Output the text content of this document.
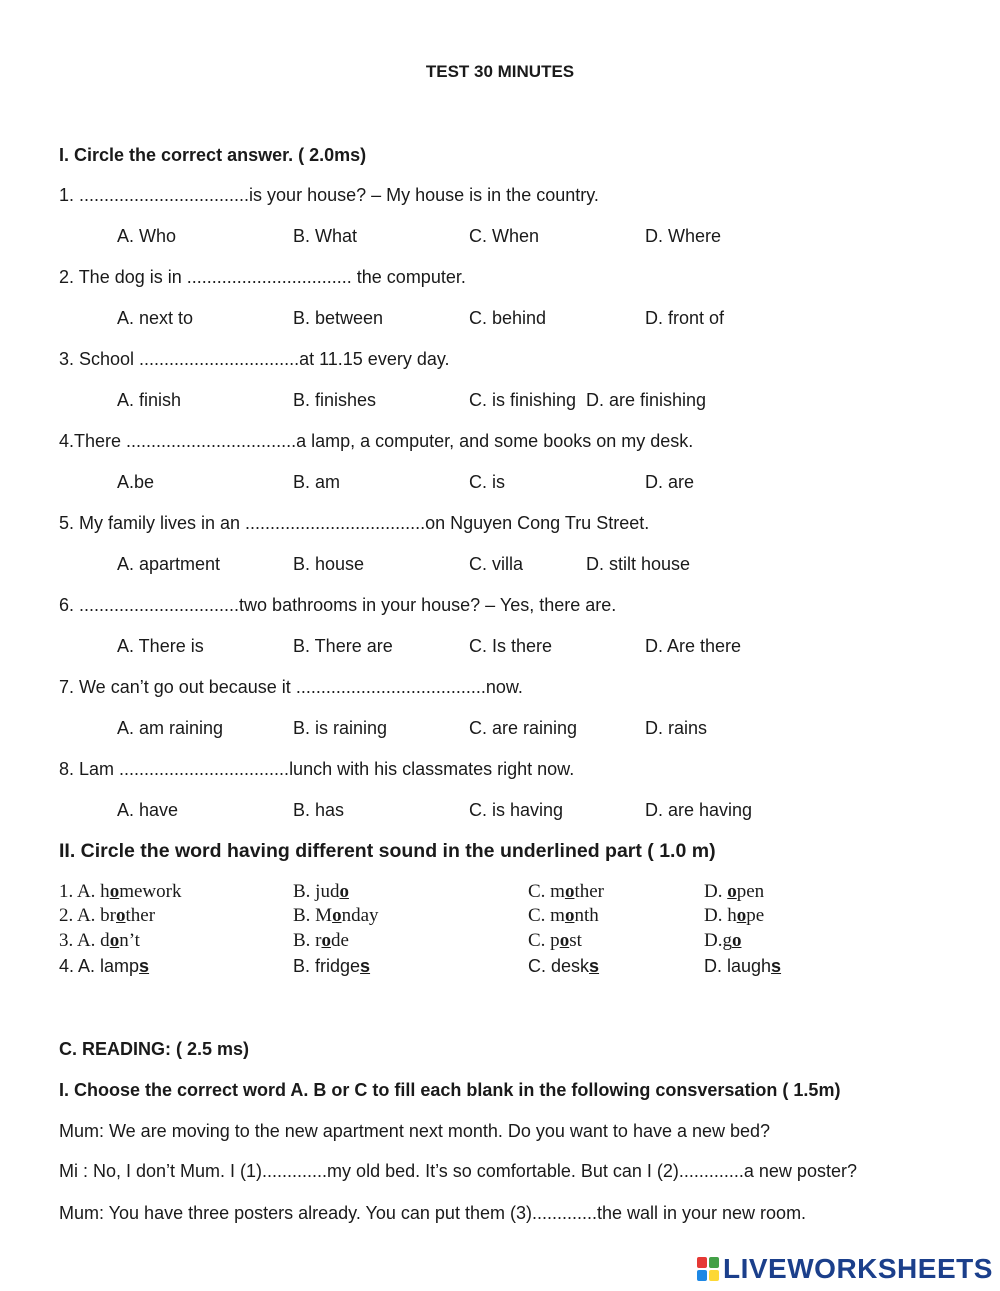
TEST 30 MINUTES
I. Circle the correct answer. ( 2.0ms)
1. ..................................is your house? – My house is in the country.
A. Who	B. What	C. When	D. Where
2. The dog is in ................................. the computer.
A. next to	B. between	C. behind	D. front of
3. School ................................at 11.15 every day.
A. finish	B. finishes	C. is finishing D. are finishing
4.There ..................................a lamp, a computer, and some books on my desk.
A.be	B. am	C. is	D. are
5. My family lives in an ....................................on Nguyen Cong Tru Street.
A. apartment	B. house	C. villa	D. stilt house
6. ................................two bathrooms in your house? – Yes, there are.
A. There is	B. There are	C. Is there	D. Are there
7. We can’t go out because it ......................................now.
A. am raining	B. is raining	C. are raining	D. rains
8. Lam ..................................lunch with his classmates right now.
A. have	B. has	C. is having	D. are having
II. Circle the word having different sound in the underlined part ( 1.0 m)
1. A. homework	B. judo	C. mother	D. open
2. A. brother	B. Monday	C. month	D. hope
3. A. don’t	B. rode	C. post	D.go
4. A. lamps	B. fridges	C. desks	D. laughs
C. READING: ( 2.5 ms)
I. Choose the correct word A. B or C to fill each blank in the following consversation ( 1.5m)
Mum: We are moving to the new apartment next month. Do you want to have a new bed?
Mi : No, I don’t Mum. I (1).............my old bed. It’s so comfortable. But can I (2).............a new poster?
Mum: You have three posters already. You can put them (3).............the wall in your new room.
LIVEWORKSHEETS
